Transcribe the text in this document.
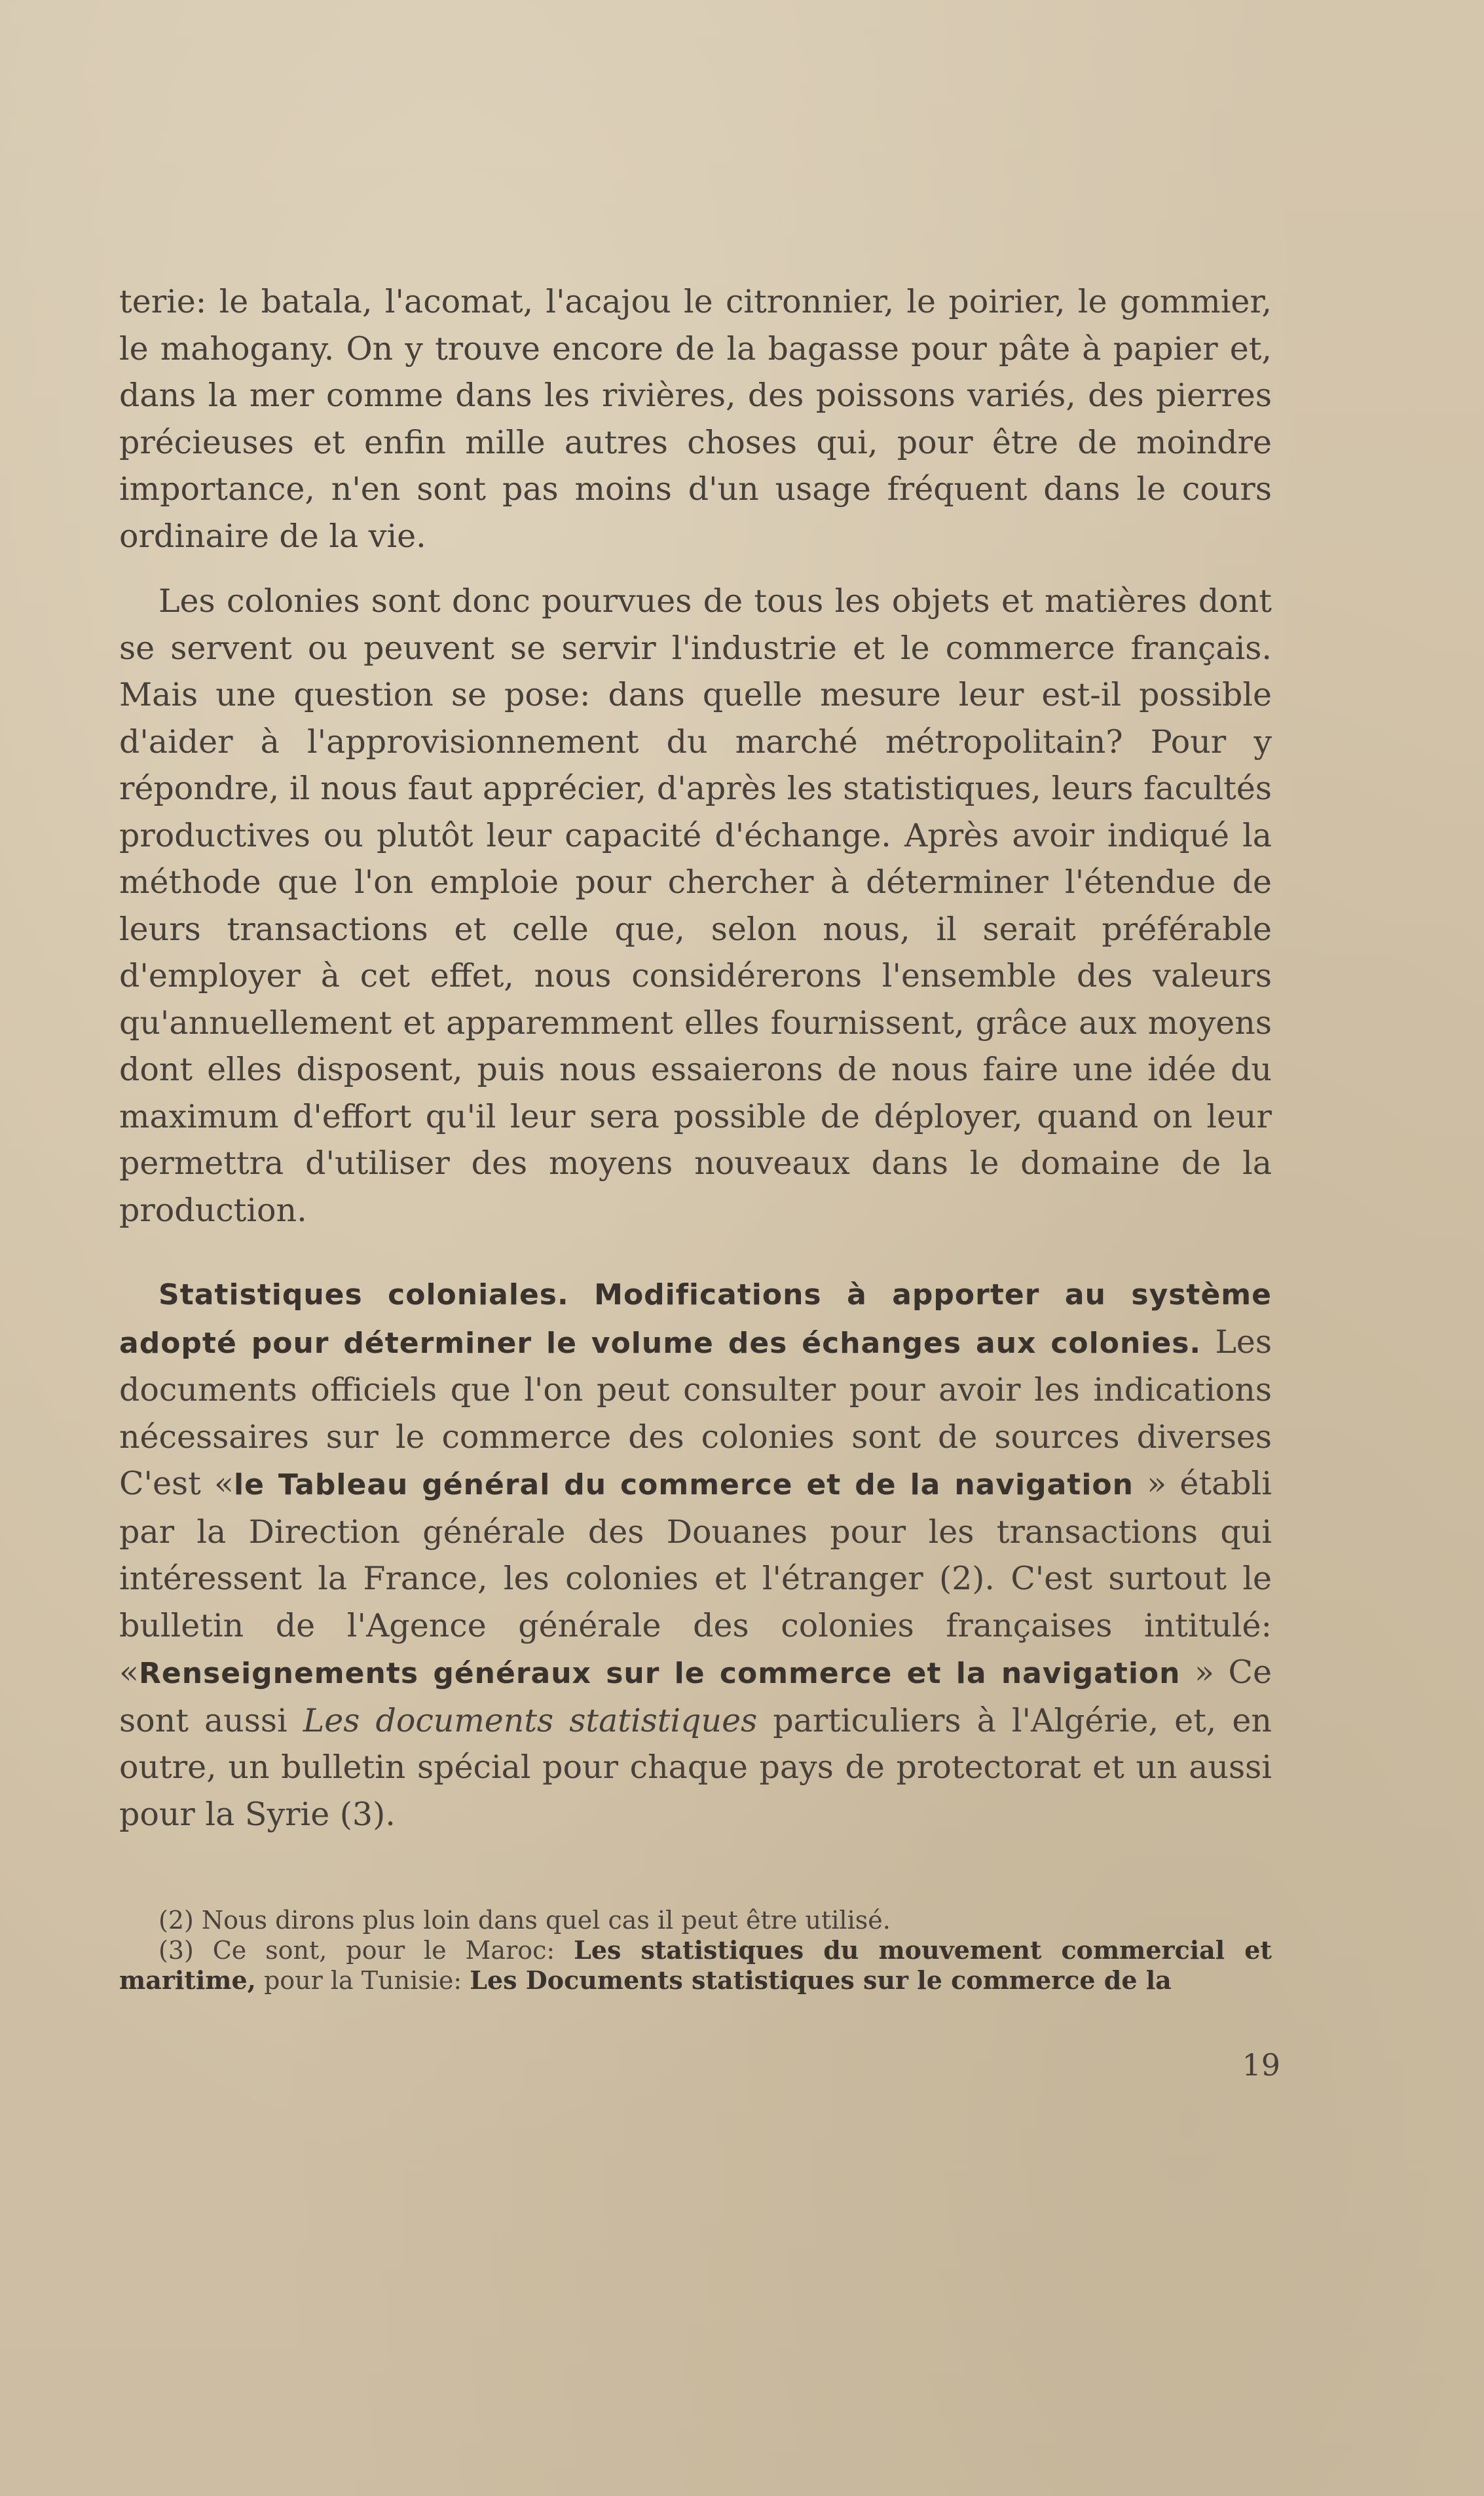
terie: le batala, l'acomat, l'acajou le citronnier, le poirier, le gommier, le mahogany. On y trouve encore de la bagasse pour pâte à papier et, dans la mer comme dans les rivières, des poissons variés, des pierres précieuses et enfin mille autres choses qui, pour être de moindre importance, n'en sont pas moins d'un usage fréquent dans le cours ordinaire de la vie.

Les colonies sont donc pourvues de tous les objets et matières dont se servent ou peuvent se servir l'industrie et le commerce français. Mais une question se pose: dans quelle mesure leur est-il possible d'aider à l'approvisionnement du marché métropolitain? Pour y répondre, il nous faut apprécier, d'après les statistiques, leurs facultés productives ou plutôt leur capacité d'échange. Après avoir indiqué la méthode que l'on emploie pour chercher à déterminer l'étendue de leurs transactions et celle que, selon nous, il serait préférable d'employer à cet effet, nous considérerons l'ensemble des valeurs qu'annuellement et apparemment elles fournissent, grâce aux moyens dont elles disposent, puis nous essaierons de nous faire une idée du maximum d'effort qu'il leur sera possible de déployer, quand on leur permettra d'utiliser des moyens nouveaux dans le domaine de la production.

Statistiques coloniales. Modifications à apporter au système adopté pour déterminer le volume des échanges aux colonies. Les documents officiels que l'on peut consulter pour avoir les indications nécessaires sur le commerce des colonies sont de sources diverses C'est «le Tableau général du commerce et de la navigation » établi par la Direction générale des Douanes pour les transactions qui intéressent la France, les colonies et l'étranger (2). C'est surtout le bulletin de l'Agence générale des colonies françaises intitulé: «Renseignements généraux sur le commerce et la navigation » Ce sont aussi Les documents statistiques particuliers à l'Algérie, et, en outre, un bulletin spécial pour chaque pays de protectorat et un aussi pour la Syrie (3).

(2) Nous dirons plus loin dans quel cas il peut être utilisé.

(3) Ce sont, pour le Maroc: Les statistiques du mouvement commercial et maritime, pour la Tunisie: Les Documents statistiques sur le commerce de la

19
